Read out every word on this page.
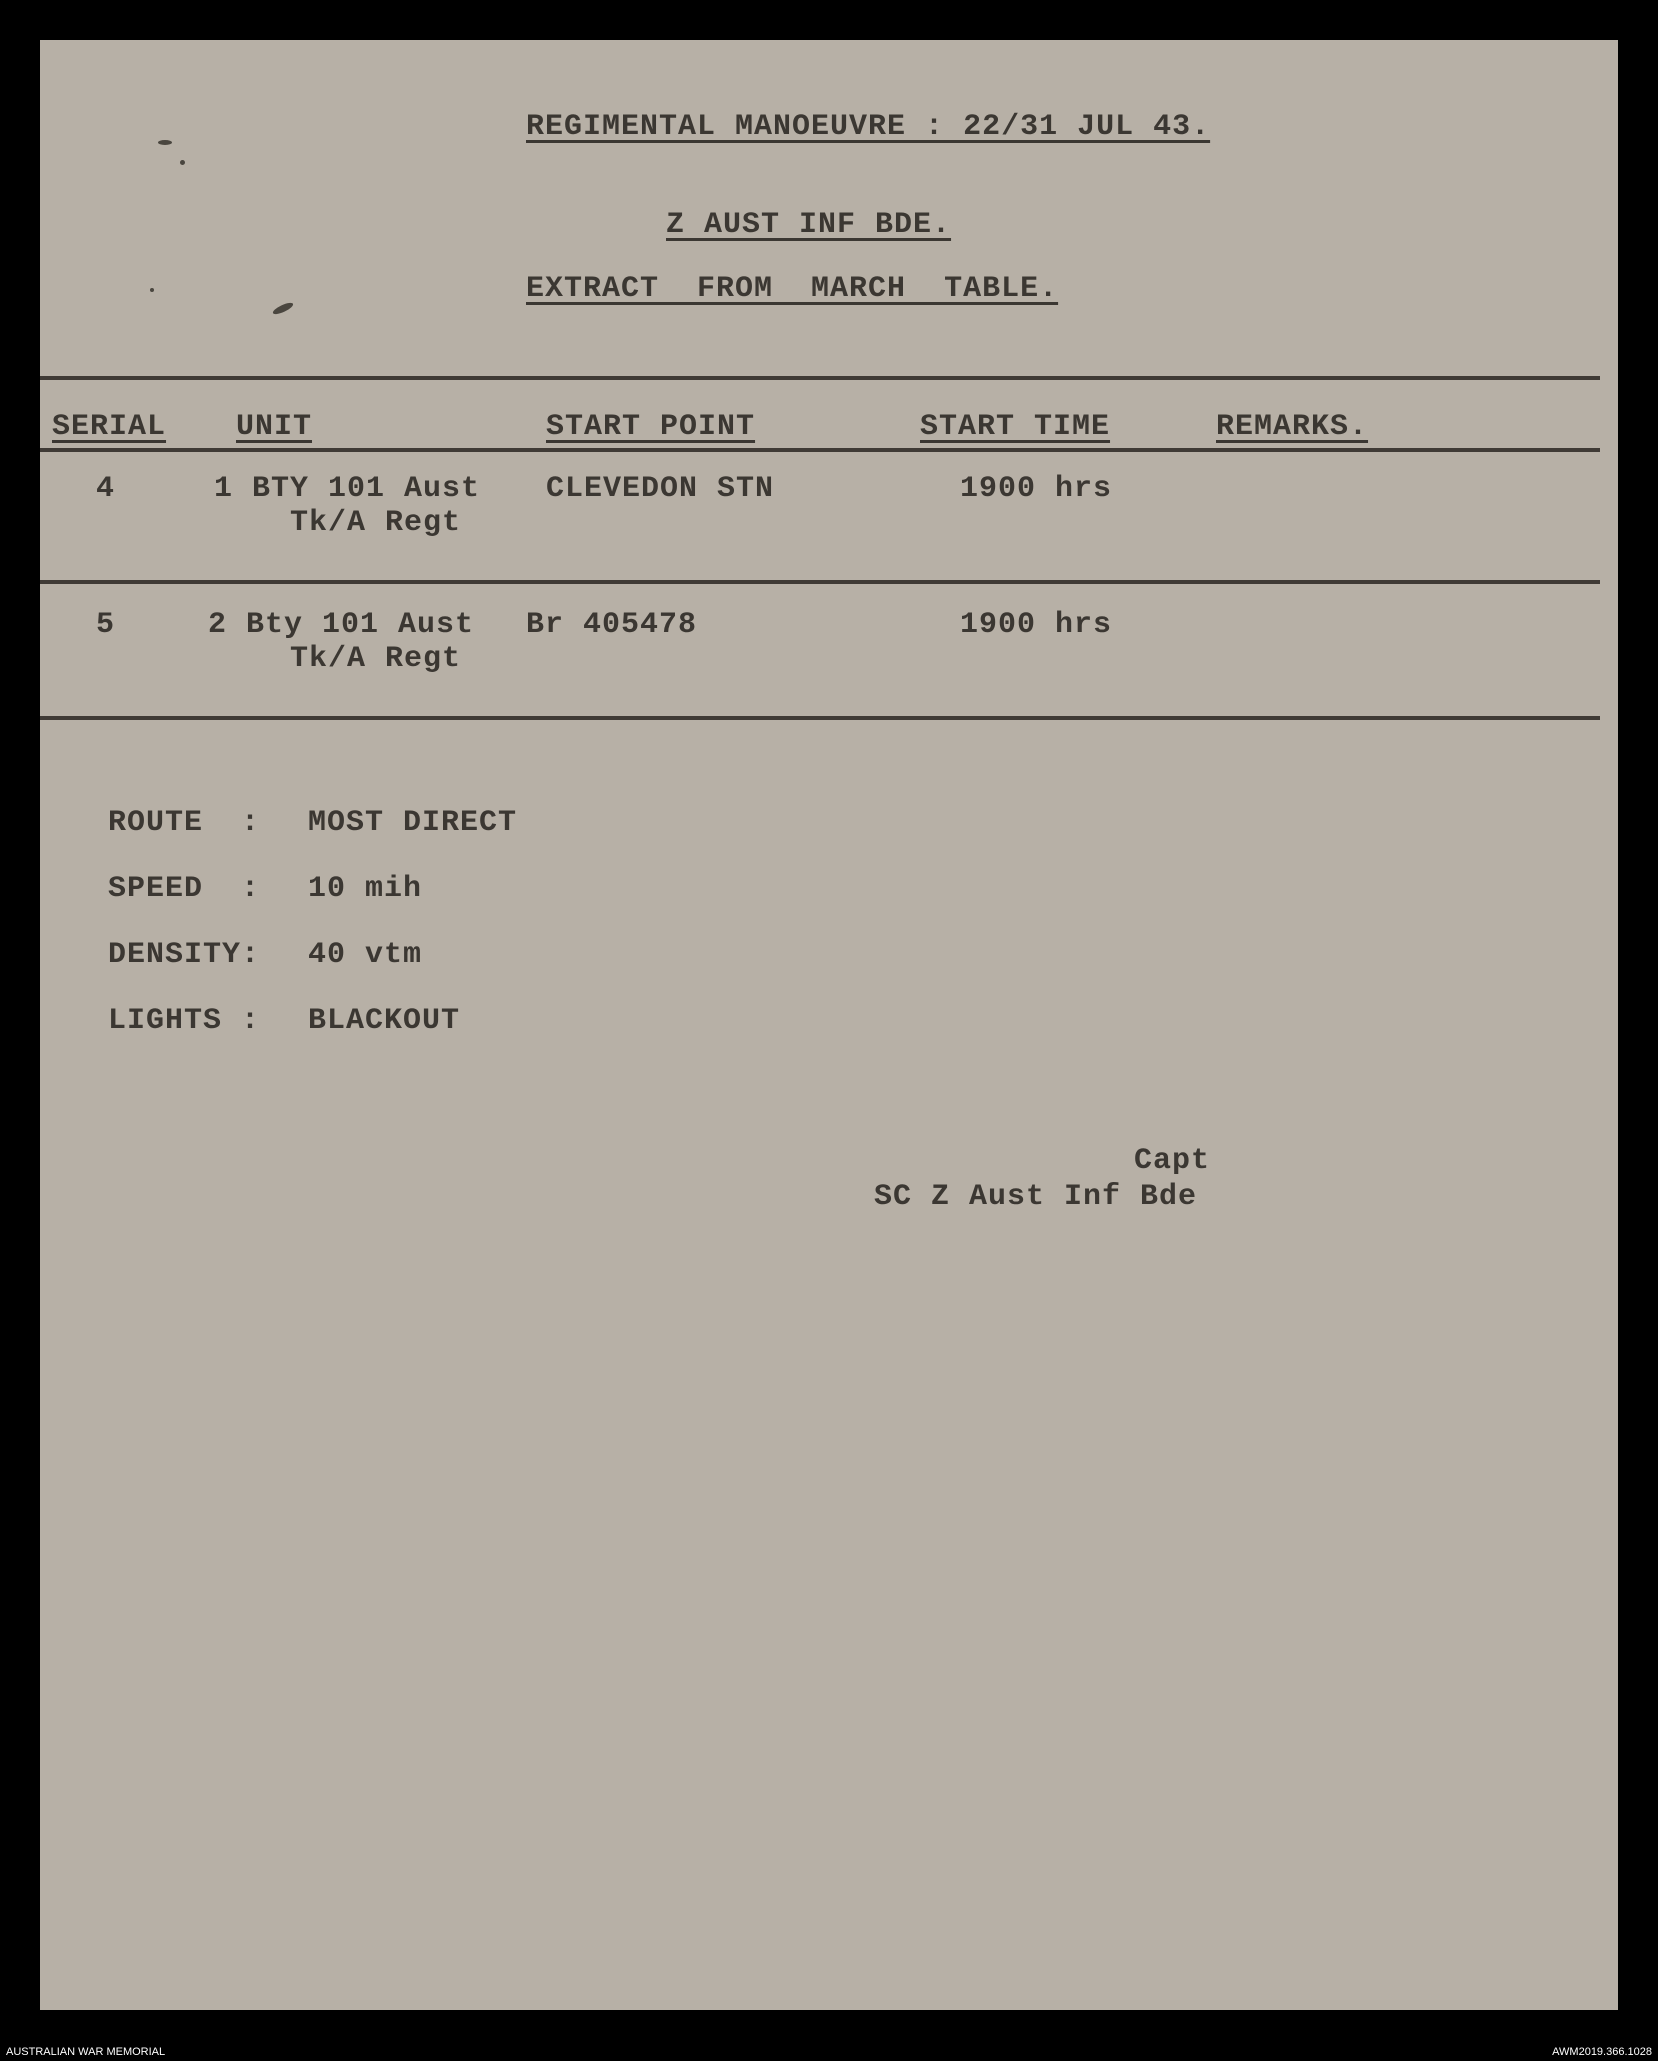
REGIMENTAL MANOEUVRE : 22/31 JUL 43.
Z AUST INF BDE.
EXTRACT  FROM  MARCH  TABLE.
SERIAL UNIT	START POINT	START TIME	REMARKS.
4	1 BTY 101 Aust
Tk/A Regt
CLEVEDON STN	1900 hrs
5	2 Bty 101 Aust
Tk/A Regt
Br 405478	1900 hrs
ROUTE  : MOST DIRECT
SPEED  : 10 mih
DENSITY: 40 vtm
LIGHTS : BLACKOUT
Capt
SC Z Aust Inf Bde
AUSTRALIAN WAR MEMORIAL	AWM2019.366.1028
